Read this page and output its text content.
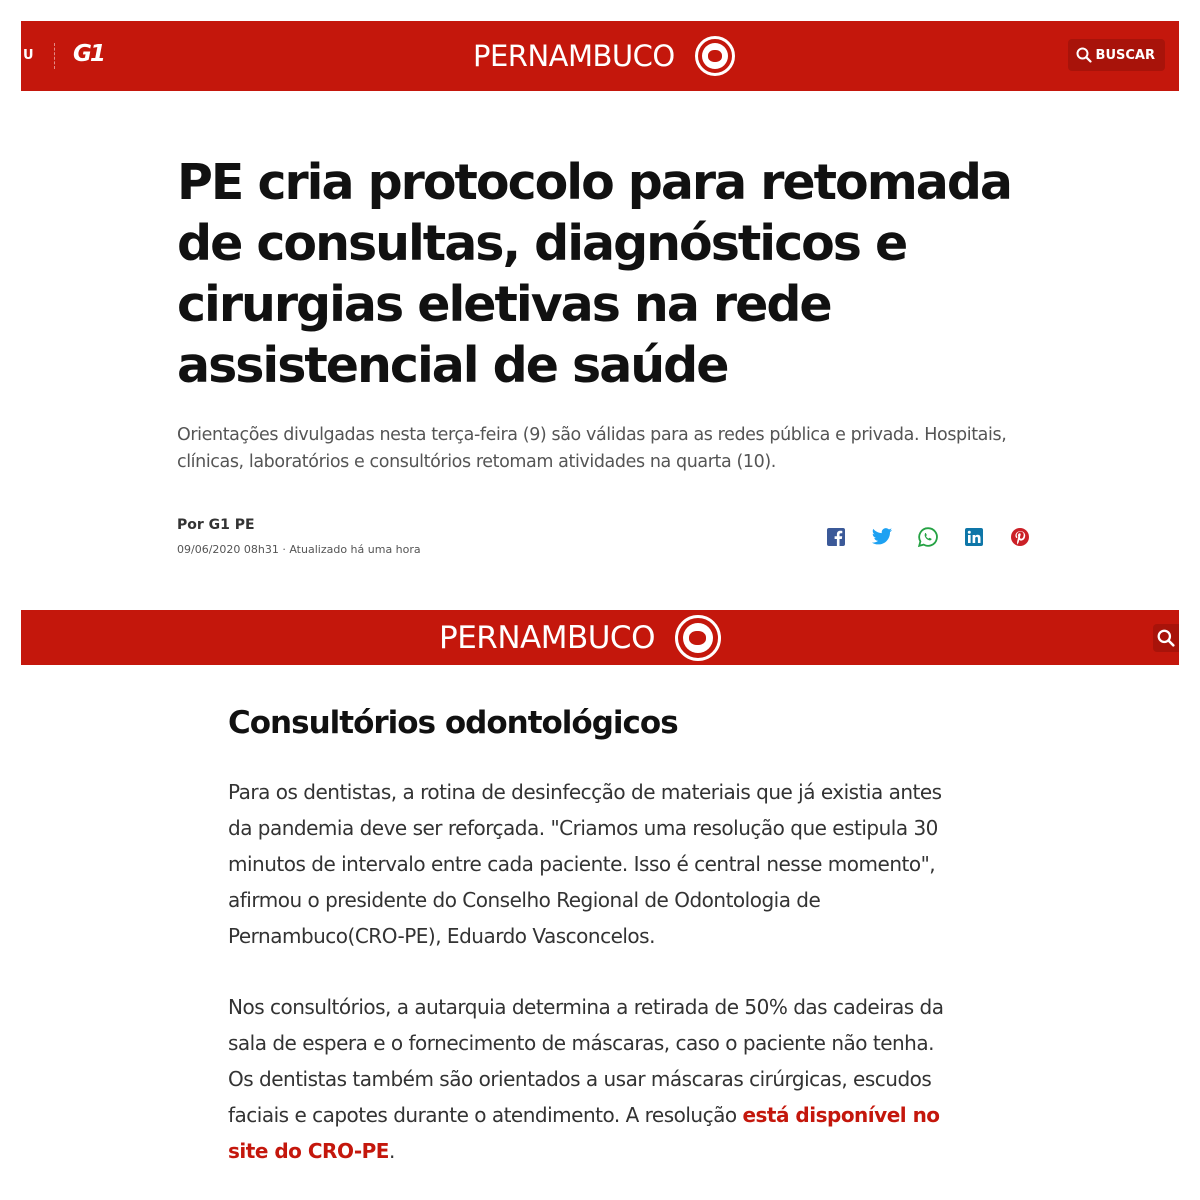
U G1	PERNAMBUCO	BUSCAR
PE cria protocolo para retomada de consultas, diagnósticos e cirurgias eletivas na rede assistencial de saúde

Orientações divulgadas nesta terça-feira (9) são válidas para as redes pública e privada. Hospitais, clínicas, laboratórios e consultórios retomam atividades na quarta (10).

Por G1 PE
09/06/2020 08h31 · Atualizado há uma hora
PERNAMBUCO
Consultórios odontológicos

Para os dentistas, a rotina de desinfecção de materiais que já existia antes da pandemia deve ser reforçada. "Criamos uma resolução que estipula 30 minutos de intervalo entre cada paciente. Isso é central nesse momento", afirmou o presidente do Conselho Regional de Odontologia de Pernambuco(CRO-PE), Eduardo Vasconcelos.

Nos consultórios, a autarquia determina a retirada de 50% das cadeiras da sala de espera e o fornecimento de máscaras, caso o paciente não tenha. Os dentistas também são orientados a usar máscaras cirúrgicas, escudos faciais e capotes durante o atendimento. A resolução está disponível no site do CRO-PE.
